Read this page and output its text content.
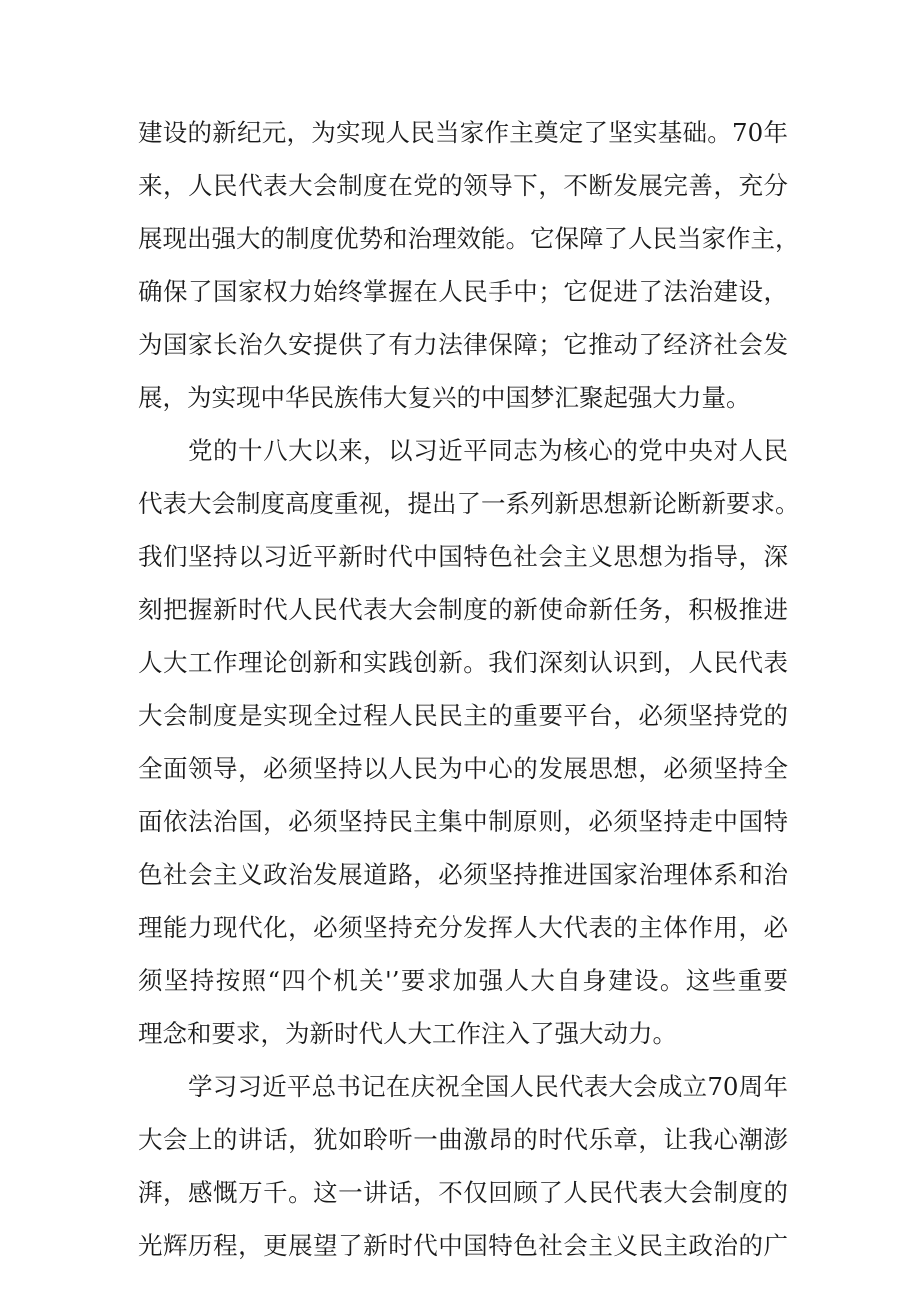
建设的新纪元，为实现人民当家作主奠定了坚实基础。70年
来，人民代表大会制度在党的领导下，不断发展完善，充分
展现出强大的制度优势和治理效能。它保障了人民当家作主，
确保了国家权力始终掌握在人民手中；它促进了法治建设，
为国家长治久安提供了有力法律保障；它推动了经济社会发
展，为实现中华民族伟大复兴的中国梦汇聚起强大力量。
党的十八大以来，以习近平同志为核心的党中央对人民
代表大会制度高度重视，提出了一系列新思想新论断新要求。
我们坚持以习近平新时代中国特色社会主义思想为指导，深
刻把握新时代人民代表大会制度的新使命新任务，积极推进
人大工作理论创新和实践创新。我们深刻认识到，人民代表
大会制度是实现全过程人民民主的重要平台，必须坚持党的
全面领导，必须坚持以人民为中心的发展思想，必须坚持全
面依法治国，必须坚持民主集中制原则，必须坚持走中国特
色社会主义政治发展道路，必须坚持推进国家治理体系和治
理能力现代化，必须坚持充分发挥人大代表的主体作用，必
须坚持按照“四个机关'’要求加强人大自身建设。这些重要
理念和要求，为新时代人大工作注入了强大动力。
学习习近平总书记在庆祝全国人民代表大会成立70周年
大会上的讲话，犹如聆听一曲激昂的时代乐章，让我心潮澎
湃，感慨万千。这一讲话，不仅回顾了人民代表大会制度的
光辉历程，更展望了新时代中国特色社会主义民主政治的广
